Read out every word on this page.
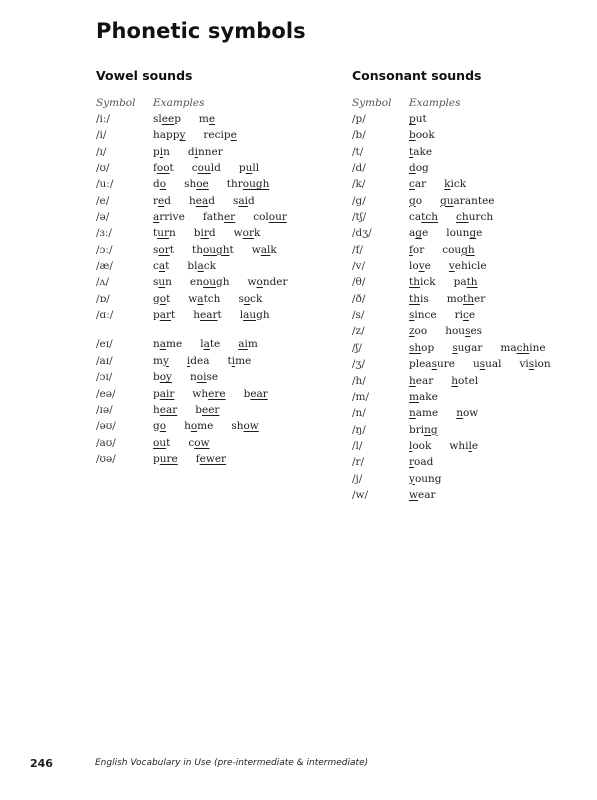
Phonetic symbols
Vowel sounds
Symbol Examples
/iː/	sleep me
/i/	happy recipe
/ɪ/	pin dinner
/ʊ/	foot could pull
/uː/	do shoe through
/e/	red head said
/ə/	arrive father colour
/ɜː/	turn bird work
/ɔː/	sort thought walk
/æ/	cat black
/ʌ/	sun enough wonder
/ɒ/	got watch sock
/ɑː/	part heart laugh
/eɪ/	name late aim
/aɪ/	my idea time
/ɔɪ/	boy noise
/eə/	pair where bear
/ɪə/	hear beer
/əʊ/	go home show
/aʊ/	out cow
/ʊə/	pure fewer
Consonant sounds
Symbol Examples
/p/	put
/b/	book
/t/	take
/d/	dog
/k/	car kick
/g/	go guarantee
/tʃ/	catch church
/dʒ/	age lounge
/f/	for cough
/v/	love vehicle
/θ/	thick path
/ð/	this mother
/s/	since rice
/z/	zoo houses
/ʃ/	shop sugar machine
/ʒ/	pleasure usual vision
/h/	hear hotel
/m/	make
/n/	name now
/ŋ/	bring
/l/	look while
/r/	road
/j/	young
/w/	wear
246	English Vocabulary in Use (pre-intermediate & intermediate)
